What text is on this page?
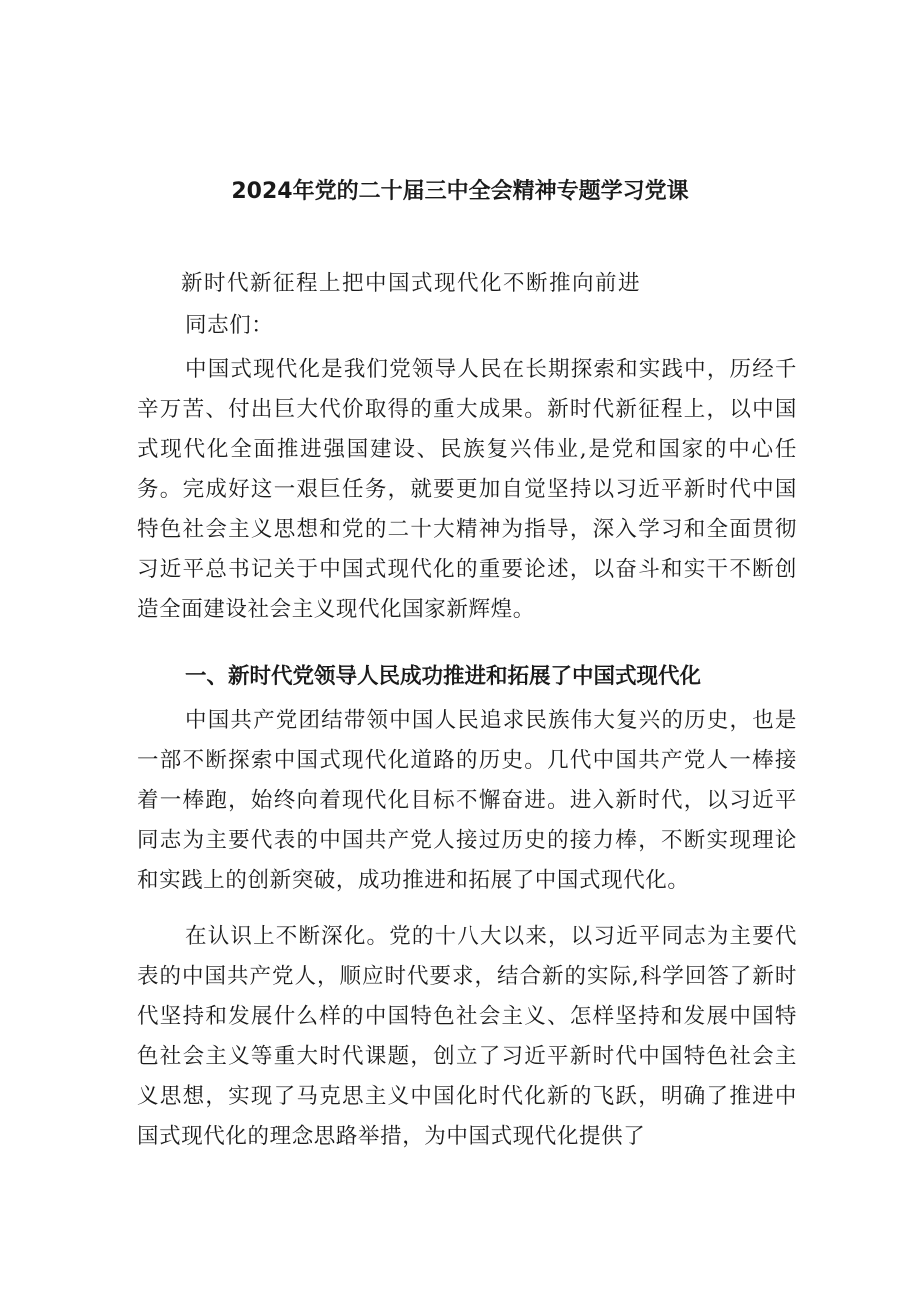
2024年党的二十届三中全会精神专题学习党课

新时代新征程上把中国式现代化不断推向前进

同志们：

中国式现代化是我们党领导人民在长期探索和实践中，历经千辛万苦、付出巨大代价取得的重大成果。新时代新征程上，以中国式现代化全面推进强国建设、民族复兴伟业,是党和国家的中心任务。完成好这一艰巨任务，就要更加自觉坚持以习近平新时代中国特色社会主义思想和党的二十大精神为指导，深入学习和全面贯彻习近平总书记关于中国式现代化的重要论述，以奋斗和实干不断创造全面建设社会主义现代化国家新辉煌。

一、新时代党领导人民成功推进和拓展了中国式现代化

中国共产党团结带领中国人民追求民族伟大复兴的历史，也是一部不断探索中国式现代化道路的历史。几代中国共产党人一棒接着一棒跑，始终向着现代化目标不懈奋进。进入新时代，以习近平同志为主要代表的中国共产党人接过历史的接力棒，不断实现理论和实践上的创新突破，成功推进和拓展了中国式现代化。

在认识上不断深化。党的十八大以来，以习近平同志为主要代表的中国共产党人，顺应时代要求，结合新的实际,科学回答了新时代坚持和发展什么样的中国特色社会主义、怎样坚持和发展中国特色社会主义等重大时代课题，创立了习近平新时代中国特色社会主义思想，实现了马克思主义中国化时代化新的飞跃，明确了推进中国式现代化的理念思路举措，为中国式现代化提供了
